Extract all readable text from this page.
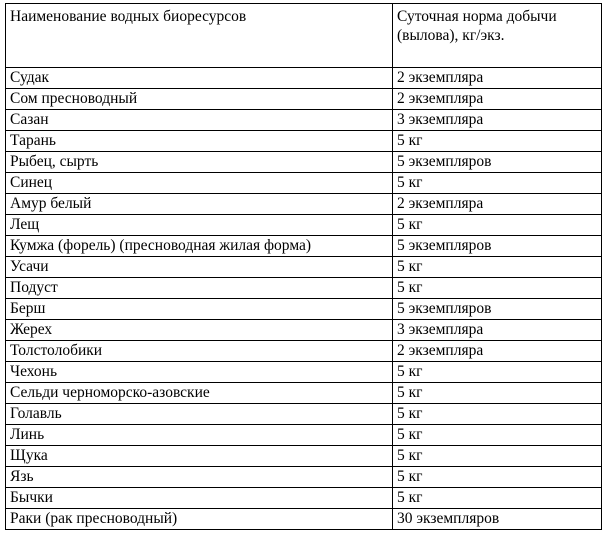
Наименование водных биоресурсов	Суточная норма добычи (вылова), кг/экз.
Судак	2 экземпляра
Сом пресноводный	2 экземпляра
Сазан	3 экземпляра
Тарань	5 кг
Рыбец, сырть	5 экземпляров
Синец	5 кг
Амур белый	2 экземпляра
Лещ	5 кг
Кумжа (форель) (пресноводная жилая форма)	5 экземпляров
Усачи	5 кг
Подуст	5 кг
Берш	5 экземпляров
Жерех	3 экземпляра
Толстолобики	2 экземпляра
Чехонь	5 кг
Сельди черноморско-азовские	5 кг
Голавль	5 кг
Линь	5 кг
Щука	5 кг
Язь	5 кг
Бычки	5 кг
Раки (рак пресноводный)	30 экземпляров
